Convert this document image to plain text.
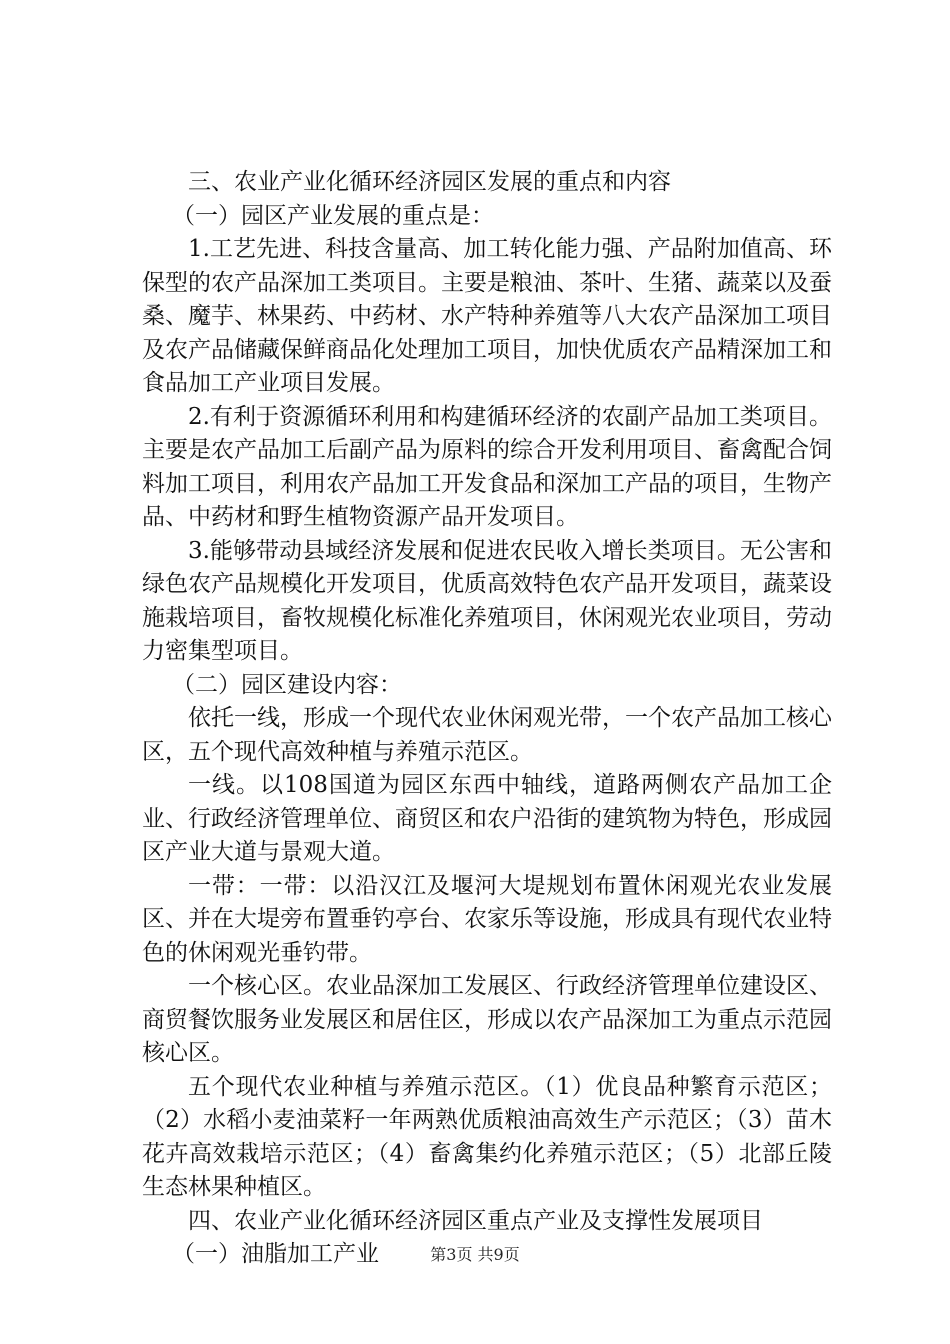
三、农业产业化循环经济园区发展的重点和内容

（一）园区产业发展的重点是：

1.工艺先进、科技含量高、加工转化能力强、产品附加值高、环保型的农产品深加工类项目。主要是粮油、茶叶、生猪、蔬菜以及蚕桑、魔芋、林果药、中药材、水产特种养殖等八大农产品深加工项目及农产品储藏保鲜商品化处理加工项目，加快优质农产品精深加工和食品加工产业项目发展。

2.有利于资源循环利用和构建循环经济的农副产品加工类项目。主要是农产品加工后副产品为原料的综合开发利用项目、畜禽配合饲料加工项目，利用农产品加工开发食品和深加工产品的项目，生物产品、中药材和野生植物资源产品开发项目。

3.能够带动县域经济发展和促进农民收入增长类项目。无公害和绿色农产品规模化开发项目，优质高效特色农产品开发项目，蔬菜设施栽培项目，畜牧规模化标准化养殖项目，休闲观光农业项目，劳动力密集型项目。

（二）园区建设内容：

依托一线，形成一个现代农业休闲观光带，一个农产品加工核心区，五个现代高效种植与养殖示范区。

一线。以108国道为园区东西中轴线，道路两侧农产品加工企业、行政经济管理单位、商贸区和农户沿街的建筑物为特色，形成园区产业大道与景观大道。

一带：一带：以沿汉江及堰河大堤规划布置休闲观光农业发展区、并在大堤旁布置垂钓亭台、农家乐等设施，形成具有现代农业特色的休闲观光垂钓带。

一个核心区。农业品深加工发展区、行政经济管理单位建设区、商贸餐饮服务业发展区和居住区，形成以农产品深加工为重点示范园核心区。

五个现代农业种植与养殖示范区。（1）优良品种繁育示范区；（2）水稻小麦油菜籽一年两熟优质粮油高效生产示范区；（3）苗木花卉高效栽培示范区；（4）畜禽集约化养殖示范区；（5）北部丘陵生态林果种植区。

四、农业产业化循环经济园区重点产业及支撑性发展项目

（一）油脂加工产业	第3页 共9页
